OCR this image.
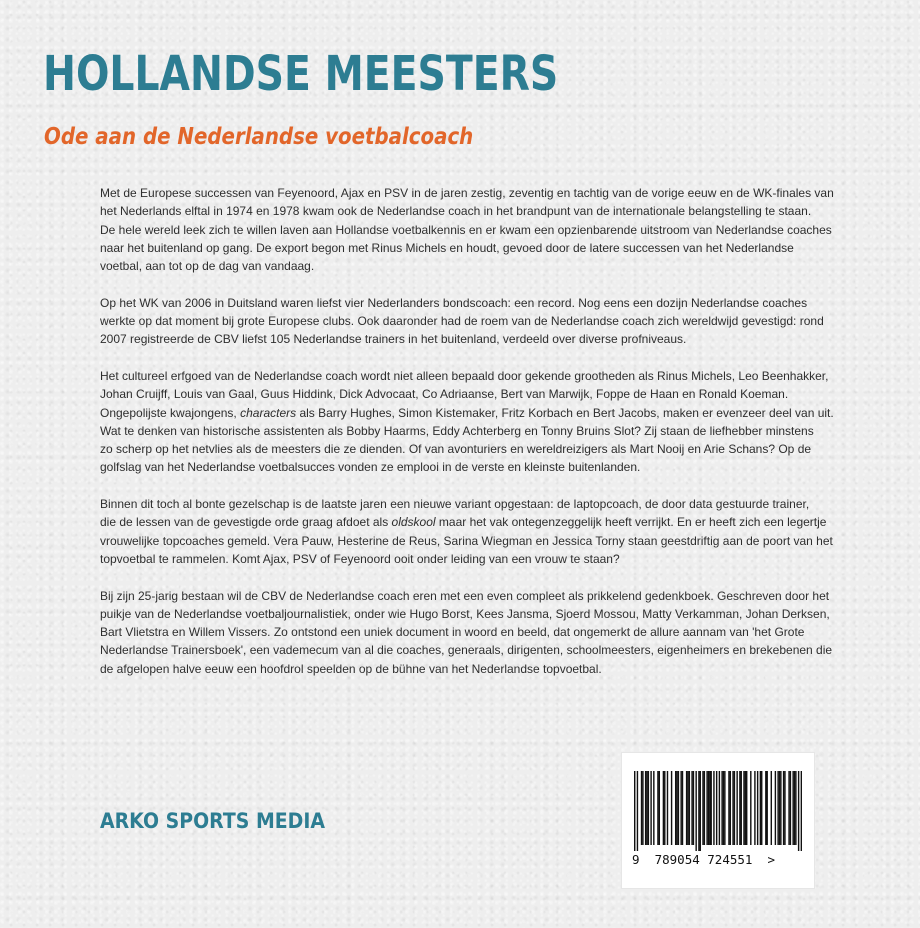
HOLLANDSE MEESTERS
Ode aan de Nederlandse voetbalcoach

Met de Europese successen van Feyenoord, Ajax en PSV in de jaren zestig, zeventig en tachtig van de vorige eeuw en de WK-finales van
het Nederlands elftal in 1974 en 1978 kwam ook de Nederlandse coach in het brandpunt van de internationale belangstelling te staan.
De hele wereld leek zich te willen laven aan Hollandse voetbalkennis en er kwam een opzienbarende uitstroom van Nederlandse coaches
naar het buitenland op gang. De export begon met Rinus Michels en houdt, gevoed door de latere successen van het Nederlandse
voetbal, aan tot op de dag van vandaag.

Op het WK van 2006 in Duitsland waren liefst vier Nederlanders bondscoach: een record. Nog eens een dozijn Nederlandse coaches
werkte op dat moment bij grote Europese clubs. Ook daaronder had de roem van de Nederlandse coach zich wereldwijd gevestigd: rond
2007 registreerde de CBV liefst 105 Nederlandse trainers in het buitenland, verdeeld over diverse profniveaus.

Het cultureel erfgoed van de Nederlandse coach wordt niet alleen bepaald door gekende grootheden als Rinus Michels, Leo Beenhakker,
Johan Cruijff, Louis van Gaal, Guus Hiddink, Dick Advocaat, Co Adriaanse, Bert van Marwijk, Foppe de Haan en Ronald Koeman.
Ongepolijste kwajongens, characters als Barry Hughes, Simon Kistemaker, Fritz Korbach en Bert Jacobs, maken er evenzeer deel van uit.
Wat te denken van historische assistenten als Bobby Haarms, Eddy Achterberg en Tonny Bruins Slot? Zij staan de liefhebber minstens
zo scherp op het netvlies als de meesters die ze dienden. Of van avonturiers en wereldreizigers als Mart Nooij en Arie Schans? Op de
golfslag van het Nederlandse voetbalsucces vonden ze emplooi in de verste en kleinste buitenlanden.

Binnen dit toch al bonte gezelschap is de laatste jaren een nieuwe variant opgestaan: de laptopcoach, de door data gestuurde trainer,
die de lessen van de gevestigde orde graag afdoet als oldskool maar het vak ontegenzeggelijk heeft verrijkt. En er heeft zich een legertje
vrouwelijke topcoaches gemeld. Vera Pauw, Hesterine de Reus, Sarina Wiegman en Jessica Torny staan geestdriftig aan de poort van het
topvoetbal te rammelen. Komt Ajax, PSV of Feyenoord ooit onder leiding van een vrouw te staan?

Bij zijn 25-jarig bestaan wil de CBV de Nederlandse coach eren met een even compleet als prikkelend gedenkboek. Geschreven door het
puikje van de Nederlandse voetbaljournalistiek, onder wie Hugo Borst, Kees Jansma, Sjoerd Mossou, Matty Verkamman, Johan Derksen,
Bart Vlietstra en Willem Vissers. Zo ontstond een uniek document in woord en beeld, dat ongemerkt de allure aannam van 'het Grote
Nederlandse Trainersboek', een vademecum van al die coaches, generaals, dirigenten, schoolmeesters, eigenheimers en brekebenen die
de afgelopen halve eeuw een hoofdrol speelden op de bühne van het Nederlandse topvoetbal.

ARKO SPORTS MEDIA
9 789054 724551 >
